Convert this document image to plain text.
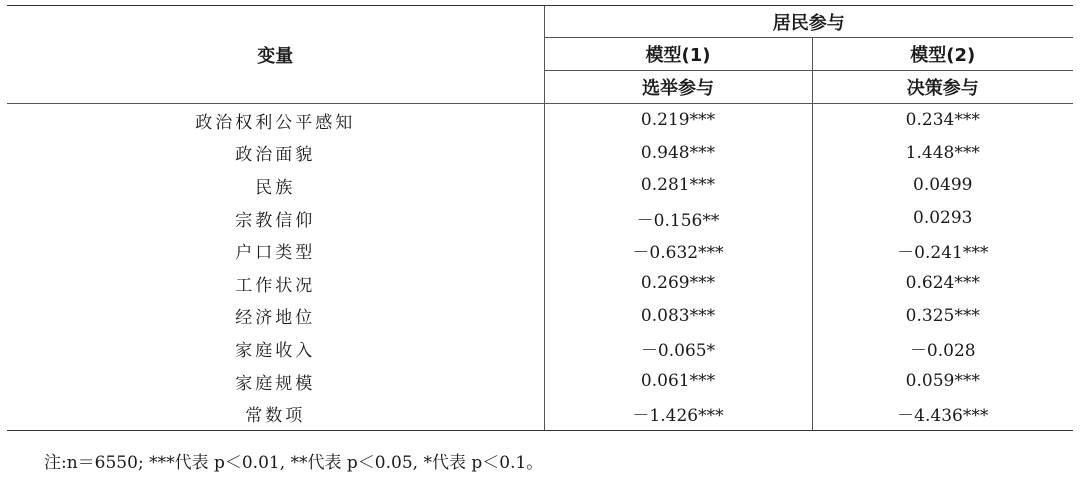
变量	居民参与	
	模型(1)	模型(2)
	选举参与	决策参与
政治权利公平感知	0.219***	0.234***
政治面貌	0.948***	1.448***
民族	0.281***	0.0499
宗教信仰	－0.156**	0.0293
户口类型	－0.632***	－0.241***
工作状况	0.269***	0.624***
经济地位	0.083***	0.325***
家庭收入	－0.065*	－0.028
家庭规模	0.061***	0.059***
常数项	－1.426***	－4.436***
注:n＝6550; ***代表 p＜0.01, **代表 p＜0.05, *代表 p＜0.1。
